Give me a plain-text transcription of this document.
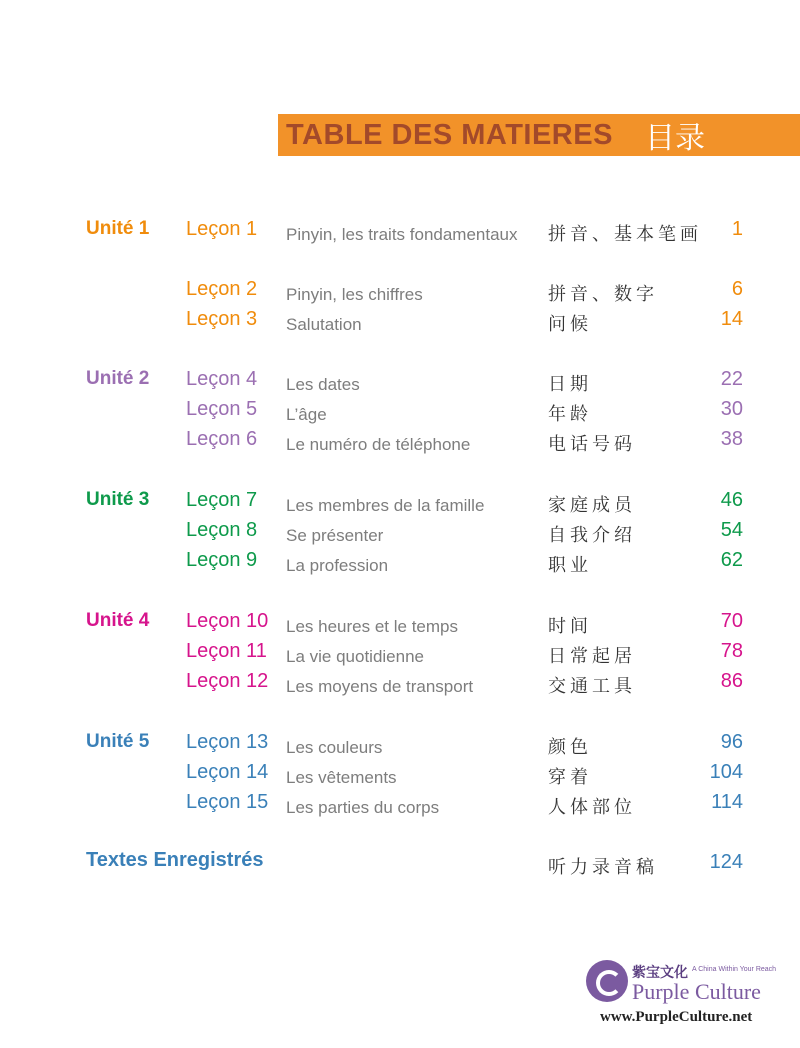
TABLE DES MATIERES 目录
Unité 1 Leçon 1 Pinyin, les traits fondamentaux	拼音、基本笔画 1
Leçon 2 Pinyin, les chiffres	拼音、数字	6
Leçon 3 Salutation	问候	14
Unité 2 Leçon 4 Les dates	日期	22
Leçon 5 L’âge	年龄	30
Leçon 6 Le numéro de téléphone	电话号码	38
Unité 3 Leçon 7 Les membres de la famille	家庭成员	46
Leçon 8 Se présenter	自我介绍	54
Leçon 9 La profession	职业	62
Unité 4 Leçon 10 Les heures et le temps	时间	70
Leçon 11 La vie quotidienne	日常起居	78
Leçon 12 Les moyens de transport	交通工具	86
Unité 5 Leçon 13 Les couleurs	颜色	96
Leçon 14 Les vêtements	穿着	104
Leçon 15 Les parties du corps	人体部位	114
Textes Enregistrés	听力录音稿	124
紫宝文化 A China Within Your Reach
Purple Culture
www.PurpleCulture.net
